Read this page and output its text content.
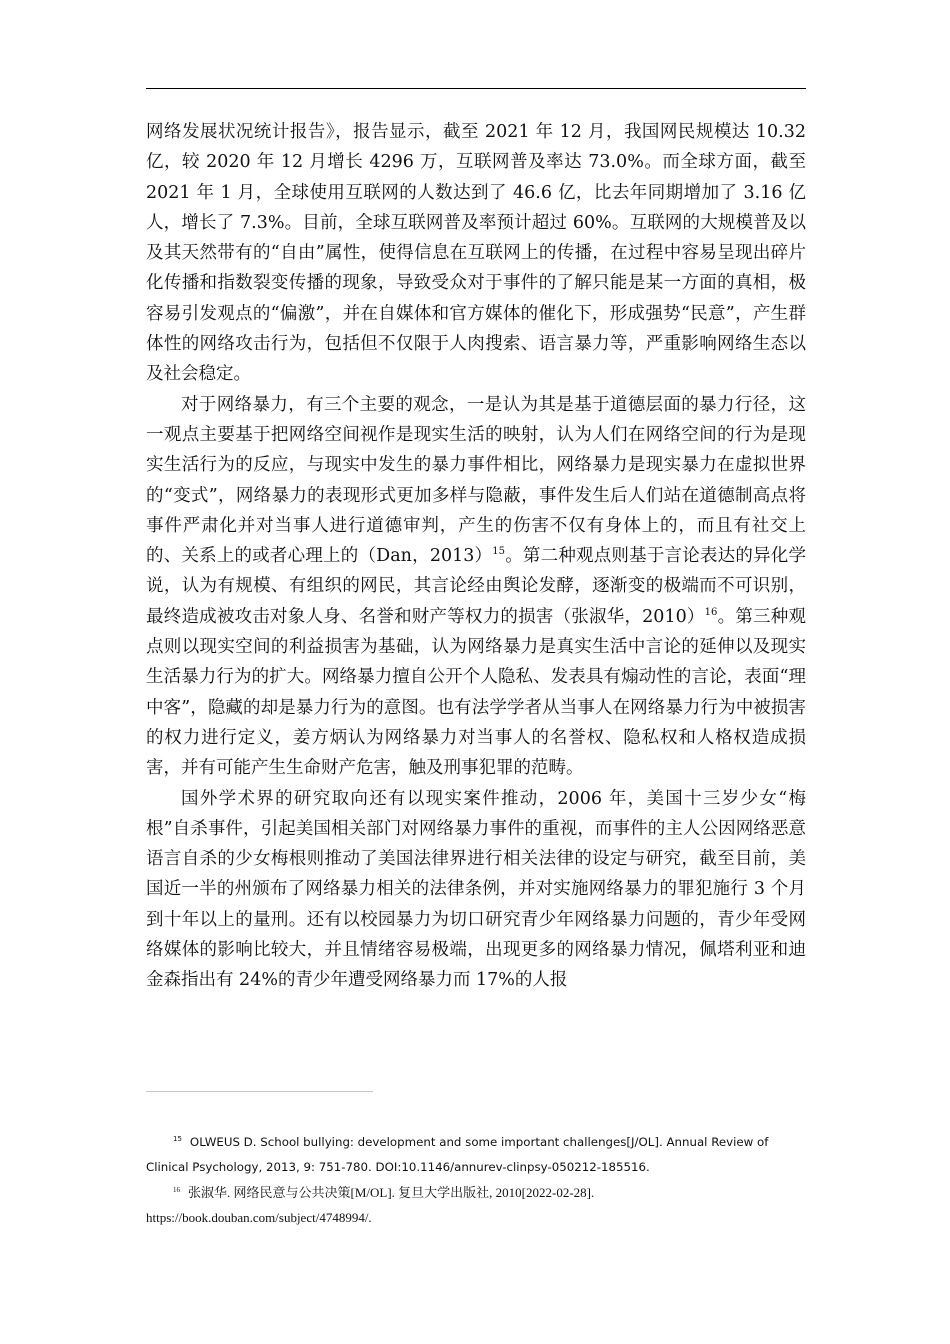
网络发展状况统计报告》，报告显示，截至 2021 年 12 月，我国网民规模达 10.32 亿，较 2020 年 12 月增长 4296 万，互联网普及率达 73.0%。而全球方面，截至 2021 年 1 月，全球使用互联网的人数达到了 46.6 亿，比去年同期增加了 3.16 亿人，增长了 7.3%。目前，全球互联网普及率预计超过 60%。互联网的大规模普及以及其天然带有的“自由”属性，使得信息在互联网上的传播，在过程中容易呈现出碎片化传播和指数裂变传播的现象，导致受众对于事件的了解只能是某一方面的真相，极容易引发观点的“偏激”，并在自媒体和官方媒体的催化下，形成强势“民意”，产生群体性的网络攻击行为，包括但不仅限于人肉搜索、语言暴力等，严重影响网络生态以及社会稳定。

对于网络暴力，有三个主要的观念，一是认为其是基于道德层面的暴力行径，这一观点主要基于把网络空间视作是现实生活的映射，认为人们在网络空间的行为是现实生活行为的反应，与现实中发生的暴力事件相比，网络暴力是现实暴力在虚拟世界的“变式”，网络暴力的表现形式更加多样与隐蔽，事件发生后人们站在道德制高点将事件严肃化并对当事人进行道德审判，产生的伤害不仅有身体上的，而且有社交上的、关系上的或者心理上的（Dan，2013）$^{15}$。第二种观点则基于言论表达的异化学说，认为有规模、有组织的网民，其言论经由舆论发酵，逐渐变的极端而不可识别，最终造成被攻击对象人身、名誉和财产等权力的损害（张淑华，2010）$^{16}$。第三种观点则以现实空间的利益损害为基础，认为网络暴力是真实生活中言论的延伸以及现实生活暴力行为的扩大。网络暴力擅自公开个人隐私、发表具有煽动性的言论，表面“理中客”，隐藏的却是暴力行为的意图。也有法学学者从当事人在网络暴力行为中被损害的权力进行定义，姜方炳认为网络暴力对当事人的名誉权、隐私权和人格权造成损害，并有可能产生生命财产危害，触及刑事犯罪的范畴。

国外学术界的研究取向还有以现实案件推动，2006 年，美国十三岁少女“梅根”自杀事件，引起美国相关部门对网络暴力事件的重视，而事件的主人公因网络恶意语言自杀的少女梅根则推动了美国法律界进行相关法律的设定与研究，截至目前，美国近一半的州颁布了网络暴力相关的法律条例，并对实施网络暴力的罪犯施行 3 个月到十年以上的量刑。还有以校园暴力为切口研究青少年网络暴力问题的，青少年受网络媒体的影响比较大，并且情绪容易极端，出现更多的网络暴力情况，佩塔利亚和迪金森指出有 24%的青少年遭受网络暴力而 17%的人报

$^{15}$ OLWEUS D. School bullying: development and some important challenges[J/OL]. Annual Review of Clinical Psychology, 2013, 9: 751-780. DOI:10.1146/annurev-clinpsy-050212-185516.

$^{16}$ 张淑华. 网络民意与公共决策[M/OL]. 复旦大学出版社, 2010[2022-02-28]. https://book.douban.com/subject/4748994/.
